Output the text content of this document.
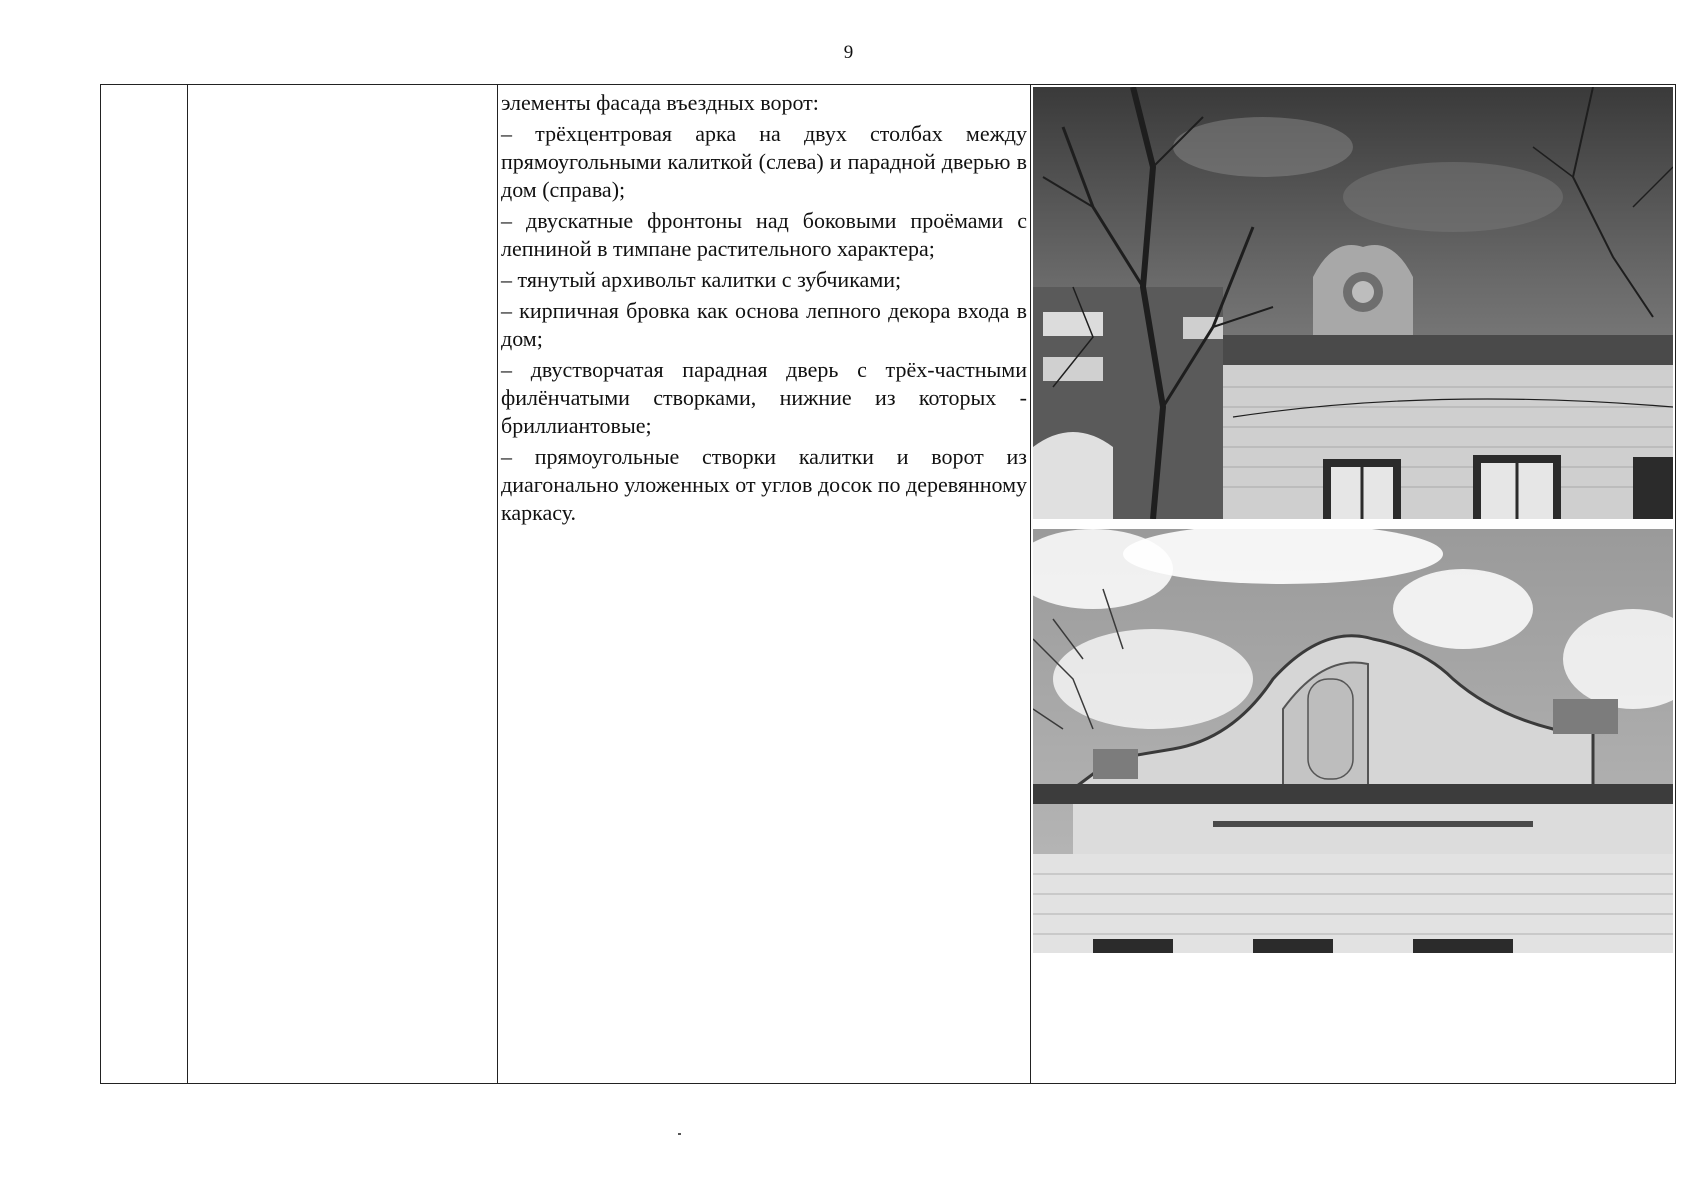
9

элементы фасада въездных ворот:

– трёхцентровая арка на двух столбах между прямоугольными калиткой (слева) и парадной дверью в дом (справа);
– двускатные фронтоны над боковыми проёмами с лепниной в тимпане растительного характера;
– тянутый архивольт калитки с зубчиками;
– кирпичная бровка как основа лепного декора входа в дом;
– двустворчатая парадная дверь с трёх-частными филёнчатыми створками, нижние из которых - бриллиантовые;
– прямоугольные створки калитки и ворот из диагонально уложенных от углов досок по деревянному каркасу.
